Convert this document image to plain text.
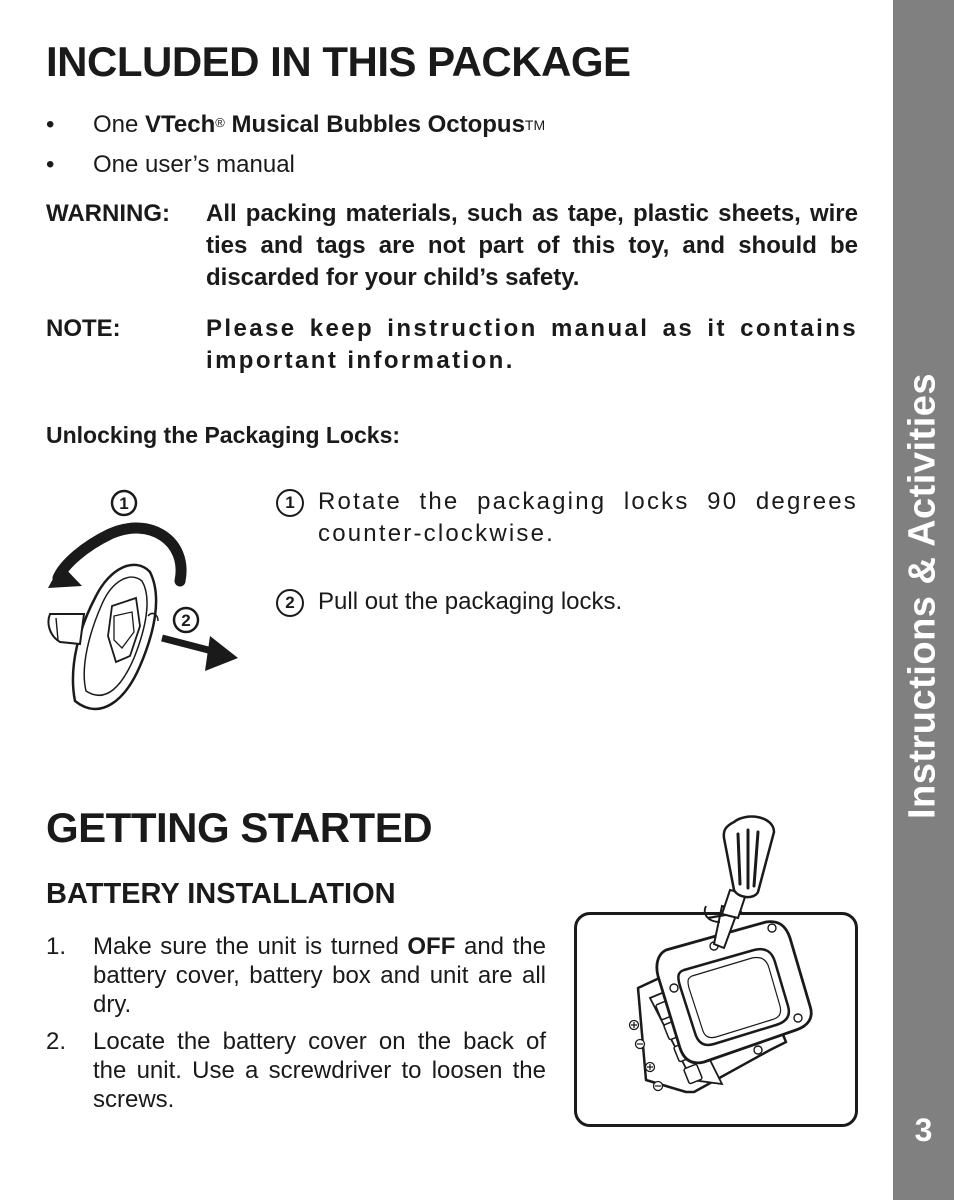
Instructions & Activities
3
INCLUDED IN THIS PACKAGE
• One VTech® Musical Bubbles Octopus™
• One user’s manual
WARNING: All packing materials, such as tape, plastic sheets, wire ties and tags are not part of this toy, and should be discarded for your child’s safety.
NOTE:	Please keep instruction manual as it contains important information.
Unlocking the Packaging Locks:
1
2
1 Rotate the packaging locks 90 degrees counter-clockwise.
2 Pull out the packaging locks.
GETTING STARTED
BATTERY INSTALLATION
1. Make sure the unit is turned OFF and the battery cover, battery box and unit are all dry.
2. Locate the battery cover on the back of the unit. Use a screwdriver to loosen the screws.
